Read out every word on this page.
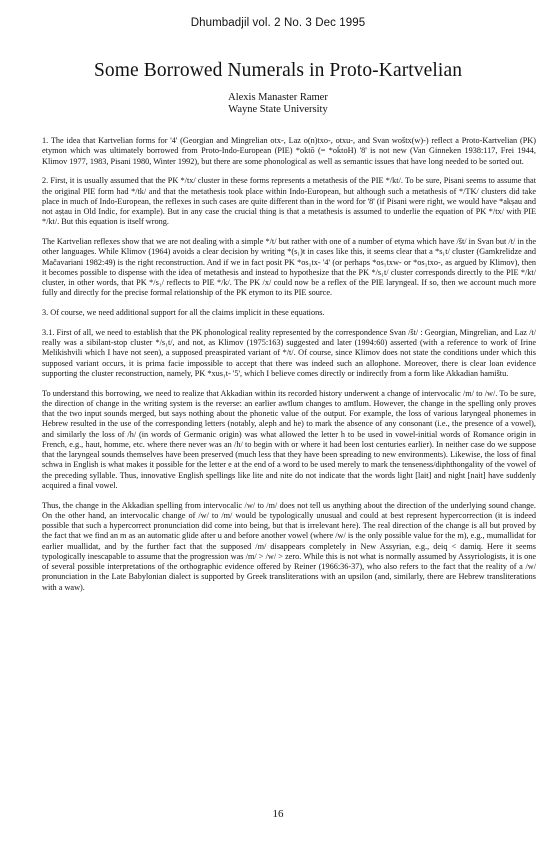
Dhumbadjil vol. 2 No. 3 Dec 1995
Some Borrowed Numerals in Proto-Kartvelian
Alexis Manaster Ramer
Wayne State University

1. The idea that Kartvelian forms for '4' (Georgian and Mingrelian otx-, Laz o(n)txo-, otxu-, and Svan woštx(w)-) reflect a Proto-Kartvelian (PK) etymon which was ultimately borrowed from Proto-Indo-European (PIE) *oktō (= *oḱtoH) '8' is not new (Van Ginneken 1938:117, Frei 1944, Klimov 1977, 1983, Pisani 1980, Winter 1992), but there are some phonological as well as semantic issues that have long needed to be sorted out.

2. First, it is usually assumed that the PK */tx/ cluster in these forms represents a metathesis of the PIE */kt/. To be sure, Pisani seems to assume that the original PIE form had */tk/ and that the metathesis took place within Indo-European, but although such a metathesis of */TK/ clusters did take place in much of Indo-European, the reflexes in such cases are quite different than in the word for '8' (if Pisani were right, we would have *akṣau and not aṣṭau in Old Indic, for example). But in any case the crucial thing is that a metathesis is assumed to underlie the equation of PK */tx/ with PIE */kt/. But this equation is itself wrong.

The Kartvelian reflexes show that we are not dealing with a simple */t/ but rather with one of a number of etyma which have /št/ in Svan but /t/ in the other languages. While Klimov (1964) avoids a clear decision by writing *(s₁)t in cases like this, it seems clear that a *s₁t/ cluster (Gamkrelidze and Mačavariani 1982:49) is the right reconstruction. And if we in fact posit PK *os₁tx- '4' (or perhaps *os₁txw- or *os₁txo-, as argued by Klimov), then it becomes possible to dispense with the idea of metathesis and instead to hypothesize that the PK */s₁t/ cluster corresponds directly to the PIE */kt/ cluster, in other words, that PK */s₁/ reflects to PIE */k/. The PK /x/ could now be a reflex of the PIE laryngeal. If so, then we account much more fully and directly for the precise formal relationship of the PK etymon to its PIE source.

3. Of course, we need additional support for all the claims implicit in these equations.

3.1. First of all, we need to establish that the PK phonological reality represented by the correspondence Svan /št/ : Georgian, Mingrelian, and Laz /t/ really was a sibilant-stop cluster */s₁t/, and not, as Klimov (1975:163) suggested and later (1994:60) asserted (with a reference to work of Irine Melikishvili which I have not seen), a supposed preaspirated variant of */t/. Of course, since Klimov does not state the conditions under which this supposed variant occurs, it is prima facie impossible to accept that there was indeed such an allophone. Moreover, there is clear loan evidence supporting the cluster reconstruction, namely, PK *xus₁t- '5', which I believe comes directly or indirectly from a form like Akkadian hamištu.

To understand this borrowing, we need to realize that Akkadian within its recorded history underwent a change of intervocalic /m/ to /w/. To be sure, the direction of change in the writing system is the reverse: an earlier awīlum changes to amīlum. However, the change in the spelling only proves that the two input sounds merged, but says nothing about the phonetic value of the output. For example, the loss of various laryngeal phonemes in Hebrew resulted in the use of the corresponding letters (notably, aleph and he) to mark the absence of any consonant (i.e., the presence of a vowel), and similarly the loss of /h/ (in words of Germanic origin) was what allowed the letter h to be used in vowel-initial words of Romance origin in French, e.g., haut, homme, etc. where there never was an /h/ to begin with or where it had been lost centuries earlier). In neither case do we suppose that the laryngeal sounds themselves have been preserved (much less that they have been spreading to new environments). Likewise, the loss of final schwa in English is what makes it possible for the letter e at the end of a word to be used merely to mark the tenseness/diphthongality of the vowel of the preceding syllable. Thus, innovative English spellings like lite and nite do not indicate that the words light [lait] and night [nait] have suddenly acquired a final vowel.

Thus, the change in the Akkadian spelling from intervocalic /w/ to /m/ does not tell us anything about the direction of the underlying sound change. On the other hand, an intervocalic change of /w/ to /m/ would be typologically unusual and could at best represent hypercorrection (it is indeed possible that such a hypercorrect pronunciation did come into being, but that is irrelevant here). The real direction of the change is all but proved by the fact that we find an m as an automatic glide after u and before another vowel (where /w/ is the only possible value for the m), e.g., mumallidat for earlier muallidat, and by the further fact that the supposed /m/ disappears completely in New Assyrian, e.g., deiq < damiq. Here it seems typologically inescapable to assume that the progression was /m/ > /w/ > zero. While this is not what is normally assumed by Assyriologists, it is one of several possible interpretations of the orthographic evidence offered by Reiner (1966:36-37), who also refers to the fact that the reality of a /w/ pronunciation in the Late Babylonian dialect is supported by Greek transliterations with an upsilon (and, similarly, there are Hebrew transliterations with a waw).

16
